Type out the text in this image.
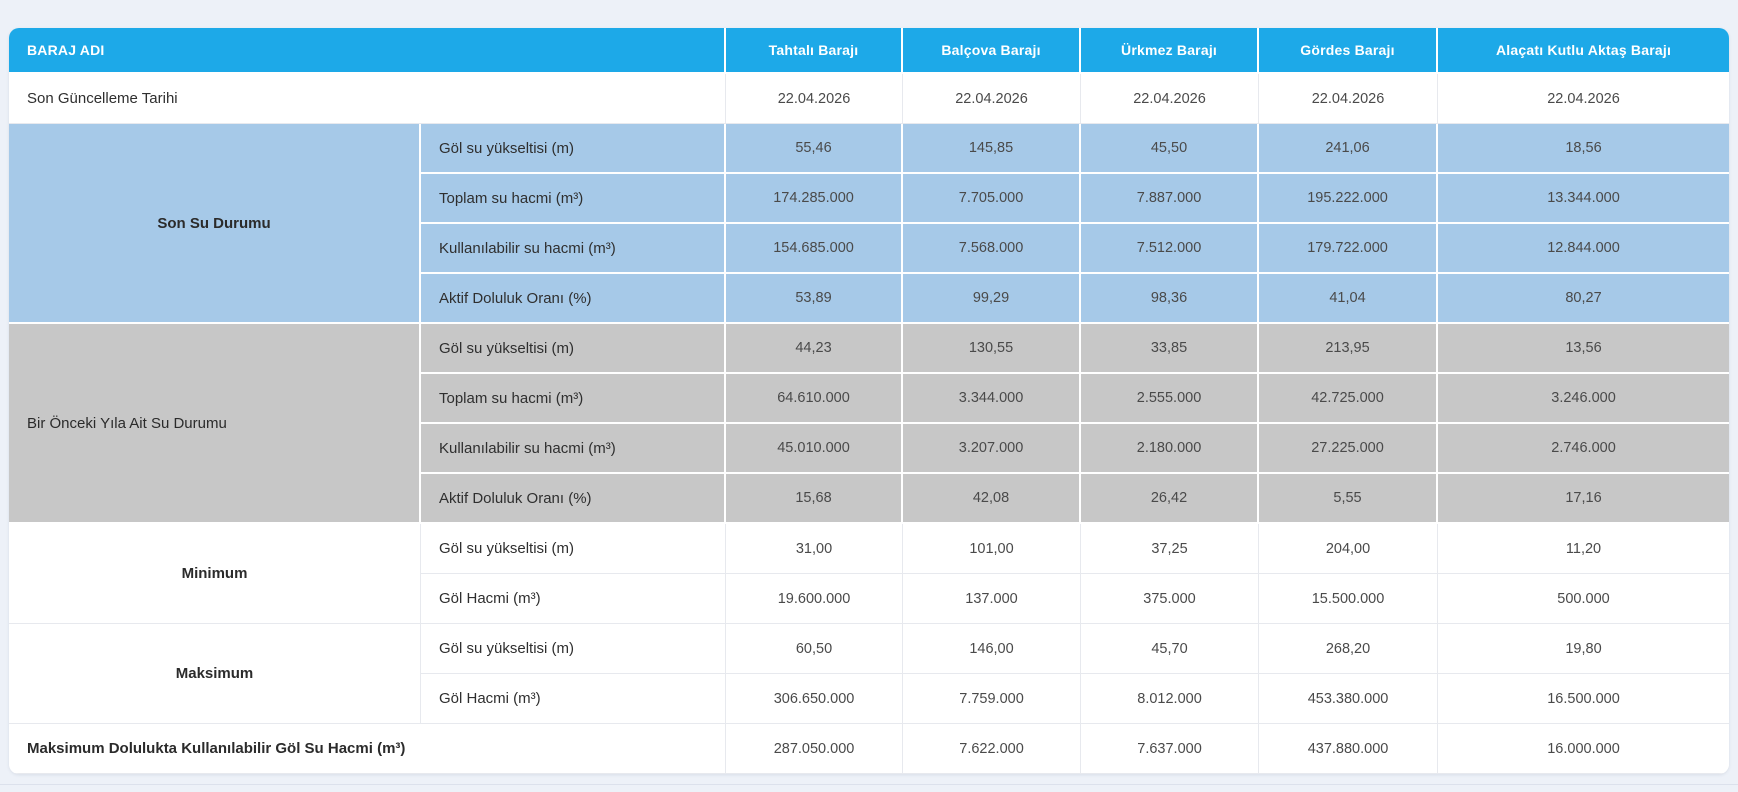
BARAJ ADI		Tahtalı Barajı	Balçova Barajı	Ürkmez Barajı	Gördes Barajı	Alaçatı Kutlu Aktaş Barajı
Son Güncelleme Tarihi		22.04.2026	22.04.2026	22.04.2026	22.04.2026	22.04.2026
Son Su Durumu	Göl su yükseltisi (m)	55,46	145,85	45,50	241,06	18,56
	Toplam su hacmi (m³)	174.285.000	7.705.000	7.887.000	195.222.000	13.344.000
	Kullanılabilir su hacmi (m³)	154.685.000	7.568.000	7.512.000	179.722.000	12.844.000
	Aktif Doluluk Oranı (%)	53,89	99,29	98,36	41,04	80,27
Bir Önceki Yıla Ait Su Durumu	Göl su yükseltisi (m)	44,23	130,55	33,85	213,95	13,56
	Toplam su hacmi (m³)	64.610.000	3.344.000	2.555.000	42.725.000	3.246.000
	Kullanılabilir su hacmi (m³)	45.010.000	3.207.000	2.180.000	27.225.000	2.746.000
	Aktif Doluluk Oranı (%)	15,68	42,08	26,42	5,55	17,16
Minimum	Göl su yükseltisi (m)	31,00	101,00	37,25	204,00	11,20
	Göl Hacmi (m³)	19.600.000	137.000	375.000	15.500.000	500.000
Maksimum	Göl su yükseltisi (m)	60,50	146,00	45,70	268,20	19,80
	Göl Hacmi (m³)	306.650.000	7.759.000	8.012.000	453.380.000	16.500.000
Maksimum Dolulukta Kullanılabilir Göl Su Hacmi (m³)		287.050.000	7.622.000	7.637.000	437.880.000	16.000.000
